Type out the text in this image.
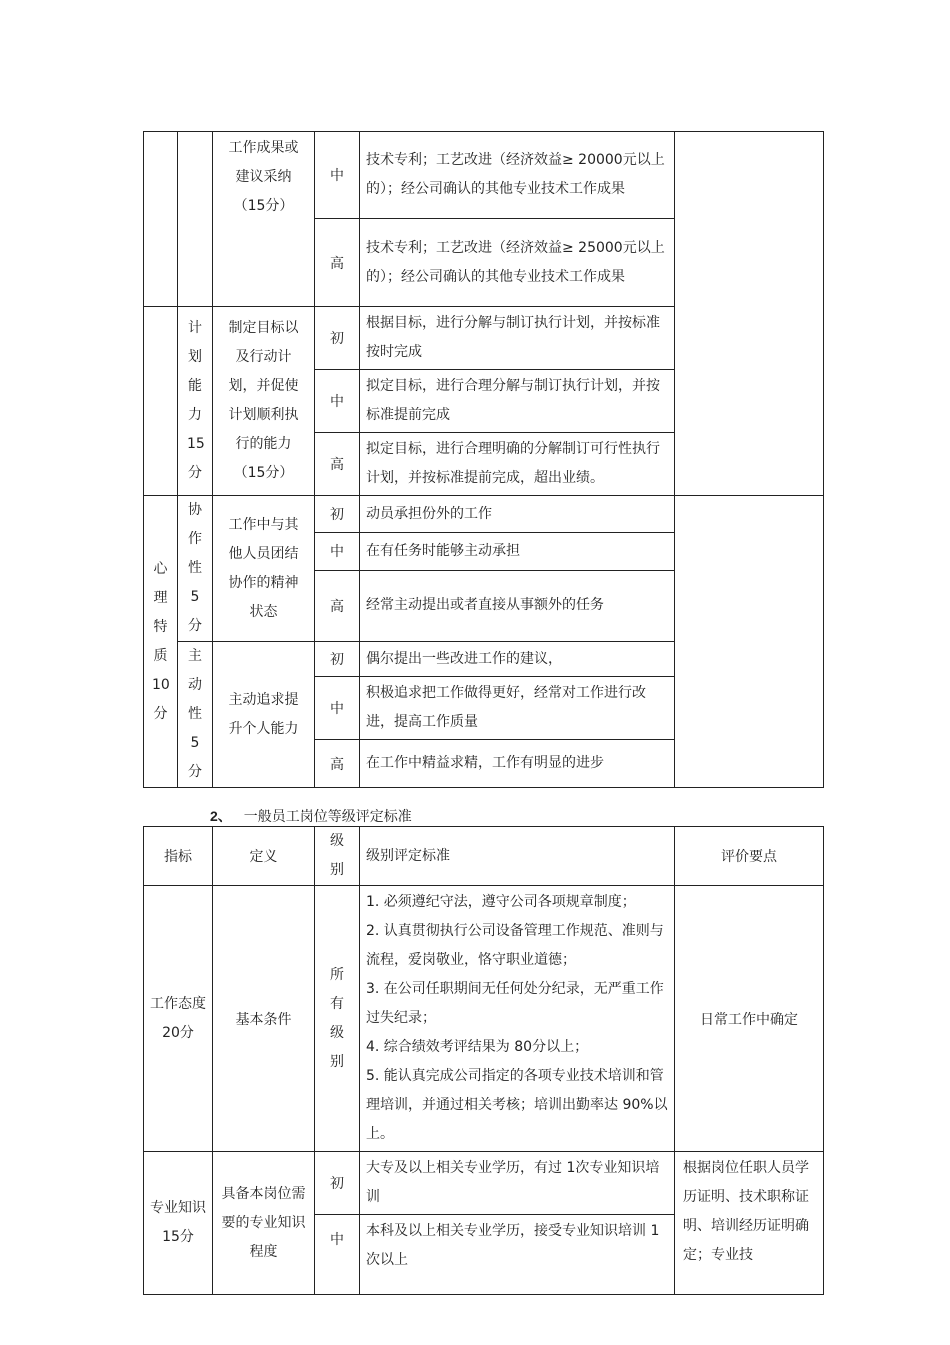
		工作成果或建议采纳（15分）	中	技术专利；工艺改进（经济效益≥ 20000元以上的）；经公司确认的其他专业技术工作成果	
			高	技术专利；工艺改进（经济效益≥ 25000元以上的）；经公司确认的其他专业技术工作成果	
	计划能力15分	制定目标以及行动计划，并促使计划顺利执行的能力（15分）	初	根据目标，进行分解与制订执行计划，并按标准按时完成	
			中	拟定目标，进行合理分解与制订执行计划，并按标准提前完成	
			高	拟定目标，进行合理明确的分解制订可行性执行计划，并按标准提前完成，超出业绩。	
心理特质10分	协作性5分	工作中与其他人员团结协作的精神状态	初	动员承担份外的工作	
			中	在有任务时能够主动承担	
			高	经常主动提出或者直接从事额外的任务	
	主动性5分	主动追求提升个人能力	初	偶尔提出一些改进工作的建议，	
			中	积极追求把工作做得更好，经常对工作进行改进，提高工作质量	
			高	在工作中精益求精，工作有明显的进步	
2、 一般员工岗位等级评定标准
指标	定义	级别	级别评定标准	评价要点
工作态度20分	基本条件	所有级别	1. 必须遵纪守法，遵守公司各项规章制度；
2. 认真贯彻执行公司设备管理工作规范、准则与流程，爱岗敬业，恪守职业道德；
3. 在公司任职期间无任何处分纪录，无严重工作过失纪录；
4. 综合绩效考评结果为 80分以上；
5. 能认真完成公司指定的各项专业技术培训和管理培训，并通过相关考核；培训出勤率达 90%以上。	日常工作中确定
专业知识15分	具备本岗位需要的专业知识程度	初	大专及以上相关专业学历，有过 1次专业知识培训	根据岗位任职人员学历证明、技术职称证明、培训经历证明确定；专业技
		中	本科及以上相关专业学历，接受专业知识培训 1次以上	
